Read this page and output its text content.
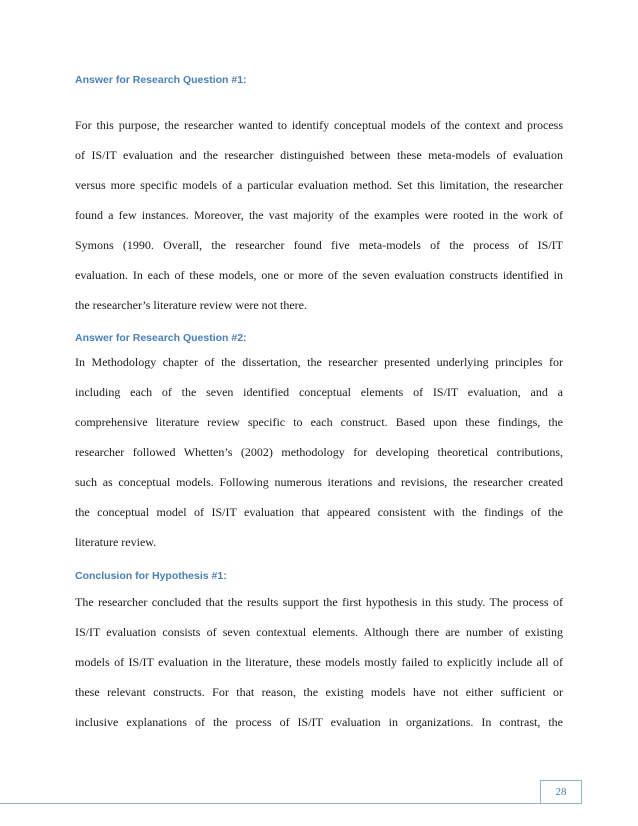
Answer for Research Question #1:
For this purpose, the researcher wanted to identify conceptual models of the context and process
of IS/IT evaluation and the researcher distinguished between these meta-models of evaluation
versus more specific models of a particular evaluation method. Set this limitation, the researcher
found a few instances. Moreover, the vast majority of the examples were rooted in the work of
Symons (1990. Overall, the researcher found five meta-models of the process of IS/IT
evaluation. In each of these models, one or more of the seven evaluation constructs identified in
the researcher’s literature review were not there.
Answer for Research Question #2:
In Methodology chapter of the dissertation, the researcher presented underlying principles for
including each of the seven identified conceptual elements of IS/IT evaluation, and a
comprehensive literature review specific to each construct. Based upon these findings, the
researcher followed Whetten’s (2002) methodology for developing theoretical contributions,
such as conceptual models. Following numerous iterations and revisions, the researcher created
the conceptual model of IS/IT evaluation that appeared consistent with the findings of the
literature review.
Conclusion for Hypothesis #1:
The researcher concluded that the results support the first hypothesis in this study. The process of
IS/IT evaluation consists of seven contextual elements. Although there are number of existing
models of IS/IT evaluation in the literature, these models mostly failed to explicitly include all of
these relevant constructs. For that reason, the existing models have not either sufficient or
inclusive explanations of the process of IS/IT evaluation in organizations. In contrast, the
28
